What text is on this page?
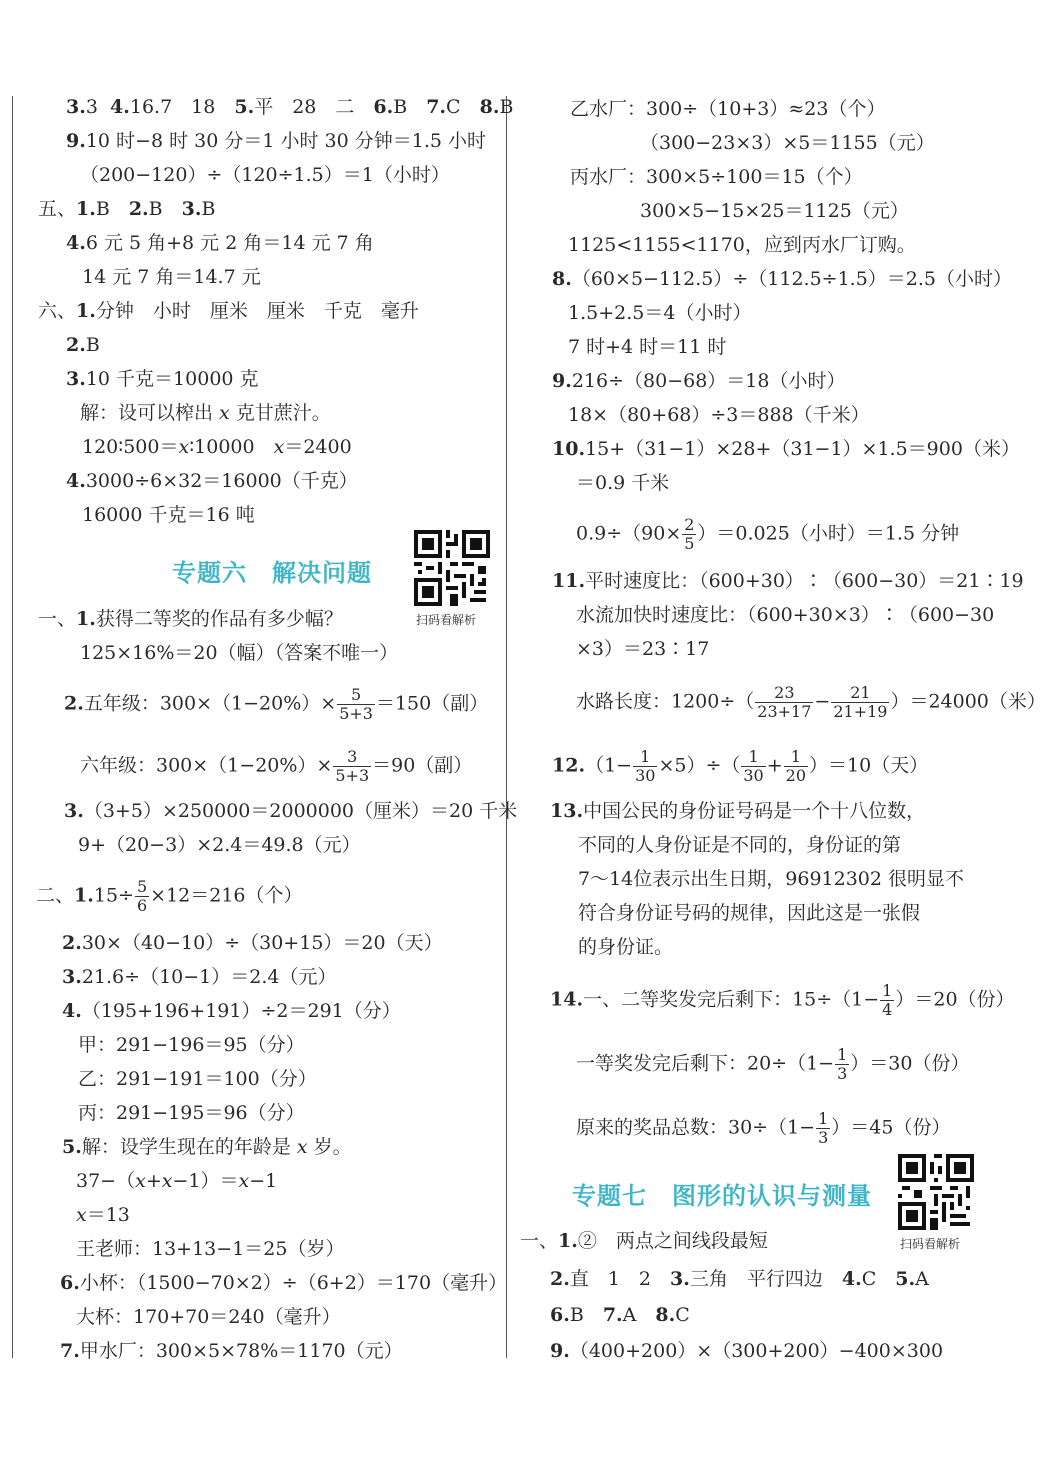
3.3 4.16.7　18　5.平　28　二　6.B　7.C　8.B
9.10 时−8 时 30 分＝1 小时 30 分钟＝1.5 小时
（200−120）÷（120÷1.5）＝1（小时）
五、1.B　2.B　3.B
4.6 元 5 角+8 元 2 角＝14 元 7 角
14 元 7 角＝14.7 元
六、1.分钟　小时　厘米　厘米　千克　毫升
2.B
3.10 千克＝10000 克
解：设可以榨出 x 克甘蔗汁。
120∶500＝x∶10000　x＝2400
4.3000÷6×32＝16000（千克）
16000 千克＝16 吨
专题六　解决问题
扫码看解析
一、1.获得二等奖的作品有多少幅？
125×16%＝20（幅）（答案不唯一）
2.五年级：$300\times(1-20\%)\times \frac{5}{5+3} =150$（副）
六年级：$300\times(1-20\%)\times \frac{3}{5+3} =90$（副）
3.（3+5）×250000＝2000000（厘米）＝20 千米
9+（20−3）×2.4＝49.8（元）
二、$1.15\div \frac{5}{6} \times 12=216$（个）
2.30×（40−10）÷（30+15）＝20（天）
3.21.6÷（10−1）＝2.4（元）
4.（195+196+191）÷2＝291（分）
甲：291−196＝95（分）
乙：291−191＝100（分）
丙：291−195＝96（分）
5.解：设学生现在的年龄是 x 岁。
37−（x+x−1）＝x−1
x＝13
王老师：13+13−1＝25（岁）
6.小杯：（1500−70×2）÷（6+2）＝170（毫升）
大杯：170+70＝240（毫升）
7.甲水厂：300×5×78%＝1170（元）
乙水厂：300÷（10+3）≈23（个）
（300−23×3）×5＝1155（元）
丙水厂：300×5÷100＝15（个）
300×5−15×25＝1125（元）
1125<1155<1170，应到丙水厂订购。
8.（60×5−112.5）÷（112.5÷1.5）＝2.5（小时）
1.5+2.5＝4（小时）
7 时+4 时＝11 时
9.216÷（80−68）＝18（小时）
18×（80+68）÷3＝888（千米）
10.15+（31−1）×28+（31−1）×1.5＝900（米）
＝0.9 千米
$0.9\div(90\times \frac{2}{5} )=0.025$（小时）＝1.5 分钟
11.平时速度比：（600+30）∶（600−30）＝21∶19
水流加快时速度比：（600+30×3）∶（600−30
×3）＝23∶17
水路长度：$1200\div( \frac{23}{23+17} - \frac{21}{21+19} )=24000$（米）
$12.(1- \frac{1}{30} \times 5)\div( \frac{1}{30} + \frac{1}{20} )=10$（天）
13.中国公民的身份证号码是一个十八位数，
不同的人身份证是不同的，身份证的第
7～14位表示出生日期，96912302 很明显不
符合身份证号码的规律，因此这是一张假
的身份证。
14.一、二等奖发完后剩下：$15\div(1- \frac{1}{4} )=20$（份）
一等奖发完后剩下：$20\div(1- \frac{1}{3} )=30$（份）
原来的奖品总数：$30\div(1- \frac{1}{3} )=45$（份）
专题七　图形的认识与测量
扫码看解析
一、1.②　两点之间线段最短
2.直　1　2　3.三角　平行四边　4.C　5.A
6.B　7.A　8.C
9.（400+200）×（300+200）−400×300
